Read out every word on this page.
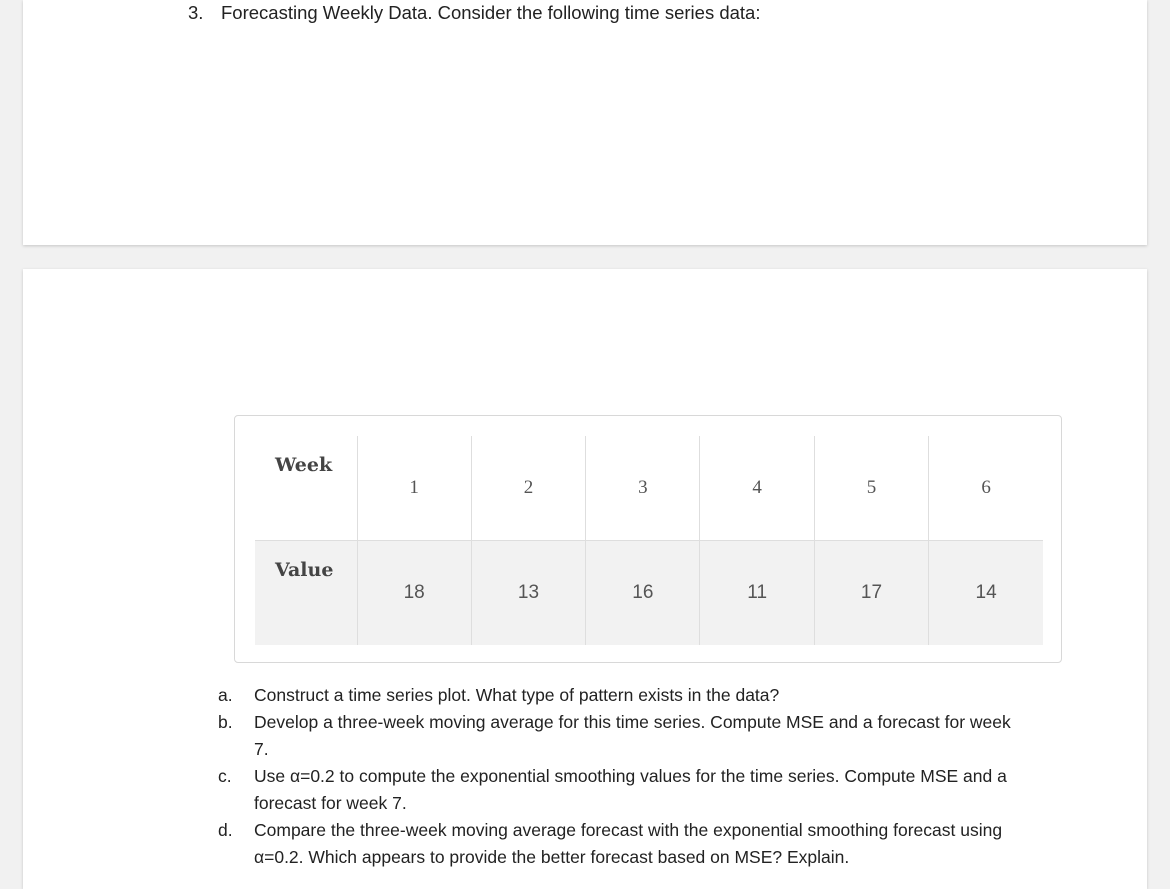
3. Forecasting Weekly Data. Consider the following time series data:
Week	1	2	3	4	5	6
Value	18	13	16	11	17	14
a. Construct a time series plot. What type of pattern exists in the data?
b. Develop a three-week moving average for this time series. Compute MSE and a forecast for week 7.
c. Use α=0.2 to compute the exponential smoothing values for the time series. Compute MSE and a forecast for week 7.
d. Compare the three-week moving average forecast with the exponential smoothing forecast using α=0.2. Which appears to provide the better forecast based on MSE? Explain.
